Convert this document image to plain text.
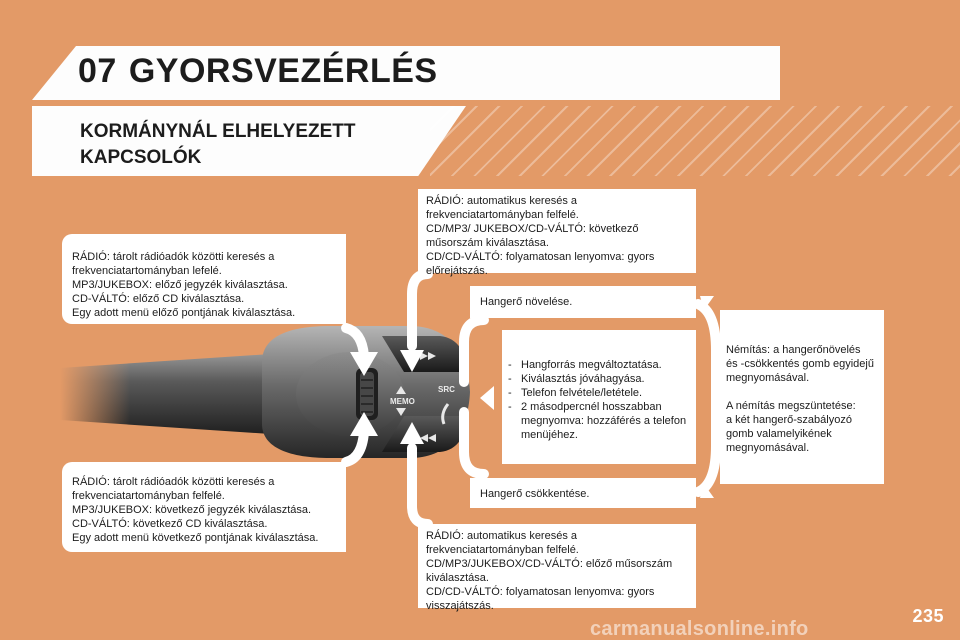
07 GYORSVEZÉRLÉS
KORMÁNYNÁL ELHELYEZETT
KAPCSOLÓK
MEMO
SRC
RÁDIÓ: tárolt rádióadók közötti keresés a
frekvenciatartományban lefelé.
MP3/JUKEBOX: előző jegyzék kiválasztása.
CD-VÁLTÓ: előző CD kiválasztása.
Egy adott menü előző pontjának kiválasztása.
RÁDIÓ: tárolt rádióadók közötti keresés a
frekvenciatartományban felfelé.
MP3/JUKEBOX: következő jegyzék kiválasztása.
CD-VÁLTÓ: következő CD kiválasztása.
Egy adott menü következő pontjának kiválasztása.
RÁDIÓ: automatikus keresés a
frekvenciatartományban felfelé.
CD/MP3/ JUKEBOX/CD-VÁLTÓ: következő
műsorszám kiválasztása.
CD/CD-VÁLTÓ: folyamatosan lenyomva: gyors
előrejátszás.
Hangerő növelése.
- Hangforrás megváltoztatása.
- Kiválasztás jóváhagyása.
- Telefon felvétele/letétele.
- 2 másodpercnél hosszabban
megnyomva: hozzáférés a telefon
menüjéhez.
Hangerő csökkentése.
RÁDIÓ: automatikus keresés a
frekvenciatartományban felfelé.
CD/MP3/JUKEBOX/CD-VÁLTÓ: előző műsorszám
kiválasztása.
CD/CD-VÁLTÓ: folyamatosan lenyomva: gyors
visszajátszás.
Némítás: a hangerőnövelés
és -csökkentés gomb egyidejű
megnyomásával.
A némítás megszüntetése:
a két hangerő-szabályozó
gomb valamelyikének
megnyomásával.
235
carmanualsonline.info
